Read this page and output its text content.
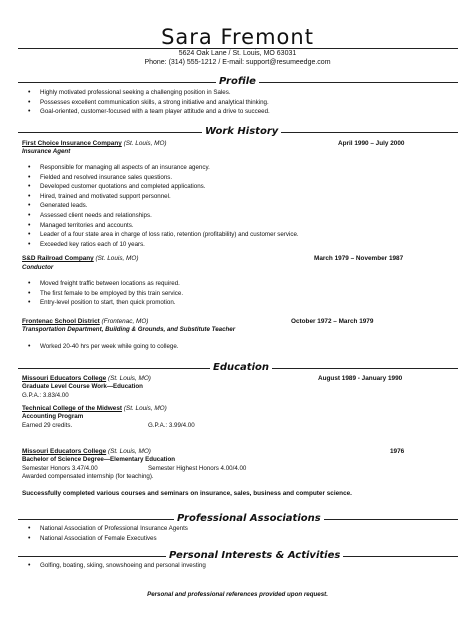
Sara Fremont
5624 Oak Lane / St. Louis, MO 63031
Phone: (314) 555-1212 / E-mail: support@resumeedge.com
Profile
• Highly motivated professional seeking a challenging position in Sales.
• Possesses excellent communication skills, a strong initiative and analytical thinking.
• Goal-oriented, customer-focused with a team player attitude and a drive to succeed.
Work History
First Choice Insurance Company (St. Louis, MO)	April 1990 – July 2000
Insurance Agent
• Responsible for managing all aspects of an insurance agency.
• Fielded and resolved insurance sales questions.
• Developed customer quotations and completed applications.
• Hired, trained and motivated support personnel.
• Generated leads.
• Assessed client needs and relationships.
• Managed territories and accounts.
• Leader of a four state area in charge of loss ratio, retention (profitability) and customer service.
• Exceeded key ratios each of 10 years.
S&D Railroad Company (St. Louis, MO)	March 1979 – November 1987
Conductor
• Moved freight traffic between locations as required.
• The first female to be employed by this train service.
• Entry-level position to start, then quick promotion.
Frontenac School District (Frontenac, MO)	October 1972 – March 1979
Transportation Department, Building & Grounds, and Substitute Teacher
• Worked 20-40 hrs per week while going to college.
Education
Missouri Educators College (St. Louis, MO)	August 1989 - January 1990
Graduate Level Course Work—Education
G.P.A.: 3.83/4.00
Technical College of the Midwest (St. Louis, MO)
Accounting Program
Earned 29 credits.	G.P.A.: 3.99/4.00
Missouri Educators College (St. Louis, MO)	1976
Bachelor of Science Degree—Elementary Education
Semester Honors 3.47/4.00	Semester Highest Honors 4.00/4.00
Awarded compensated internship (for teaching).
Successfully completed various courses and seminars on insurance, sales, business and computer science.
Professional Associations
• National Association of Professional Insurance Agents
• National Association of Female Executives
Personal Interests & Activities
• Golfing, boating, skiing, snowshoeing and personal investing
Personal and professional references provided upon request.
